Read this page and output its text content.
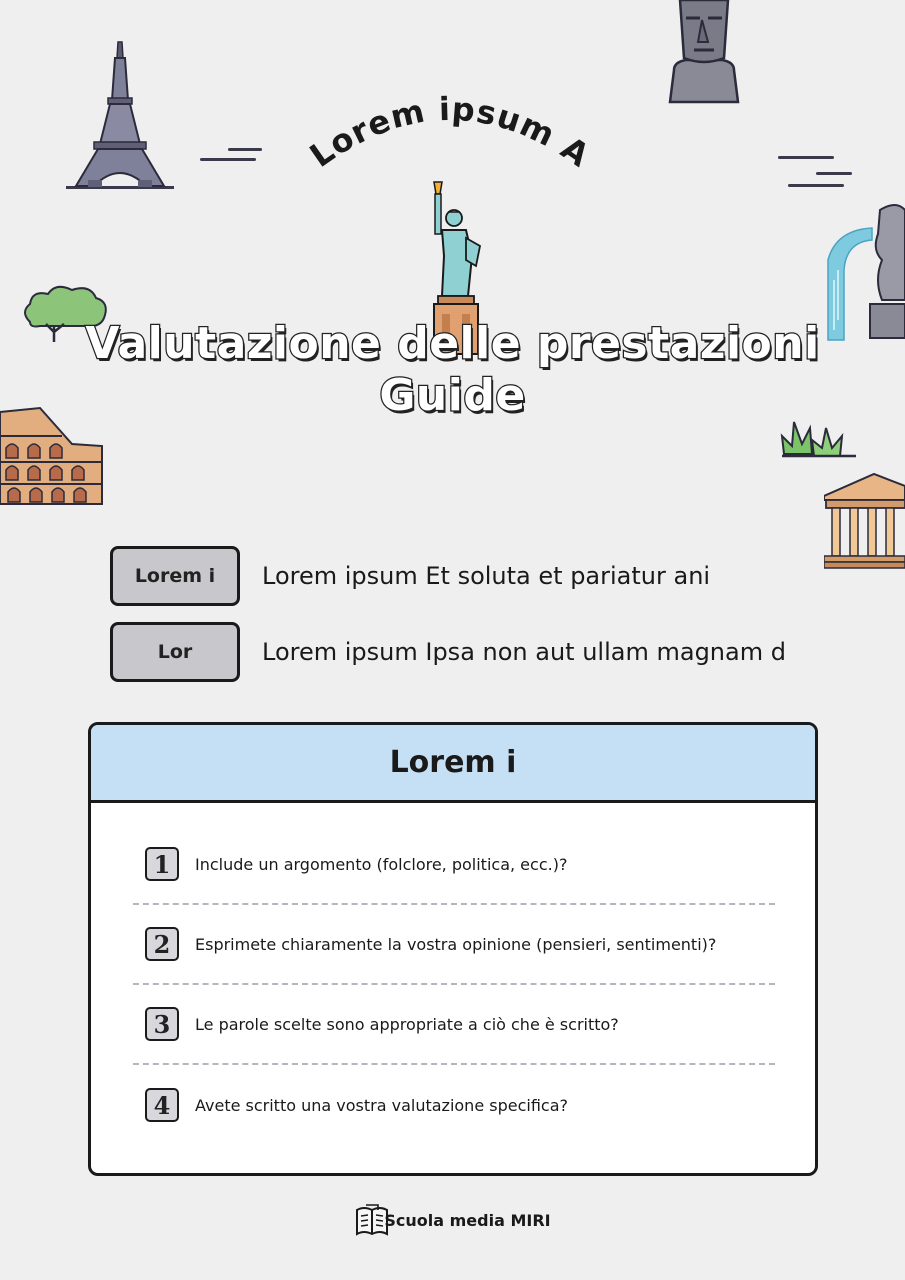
Lorem ipsum A
Valutazione delle prestazioni
Guide
Lorem i	Lorem ipsum Et soluta et pariatur ani
Lor	Lorem ipsum Ipsa non aut ullam magnam d
Lorem i
1	Include un argomento (folclore, politica, ecc.)?
2	Esprimete chiaramente la vostra opinione (pensieri, sentimenti)?
3	Le parole scelte sono appropriate a ciò che è scritto?
4	Avete scritto una vostra valutazione specifica?
Scuola media MIRI
